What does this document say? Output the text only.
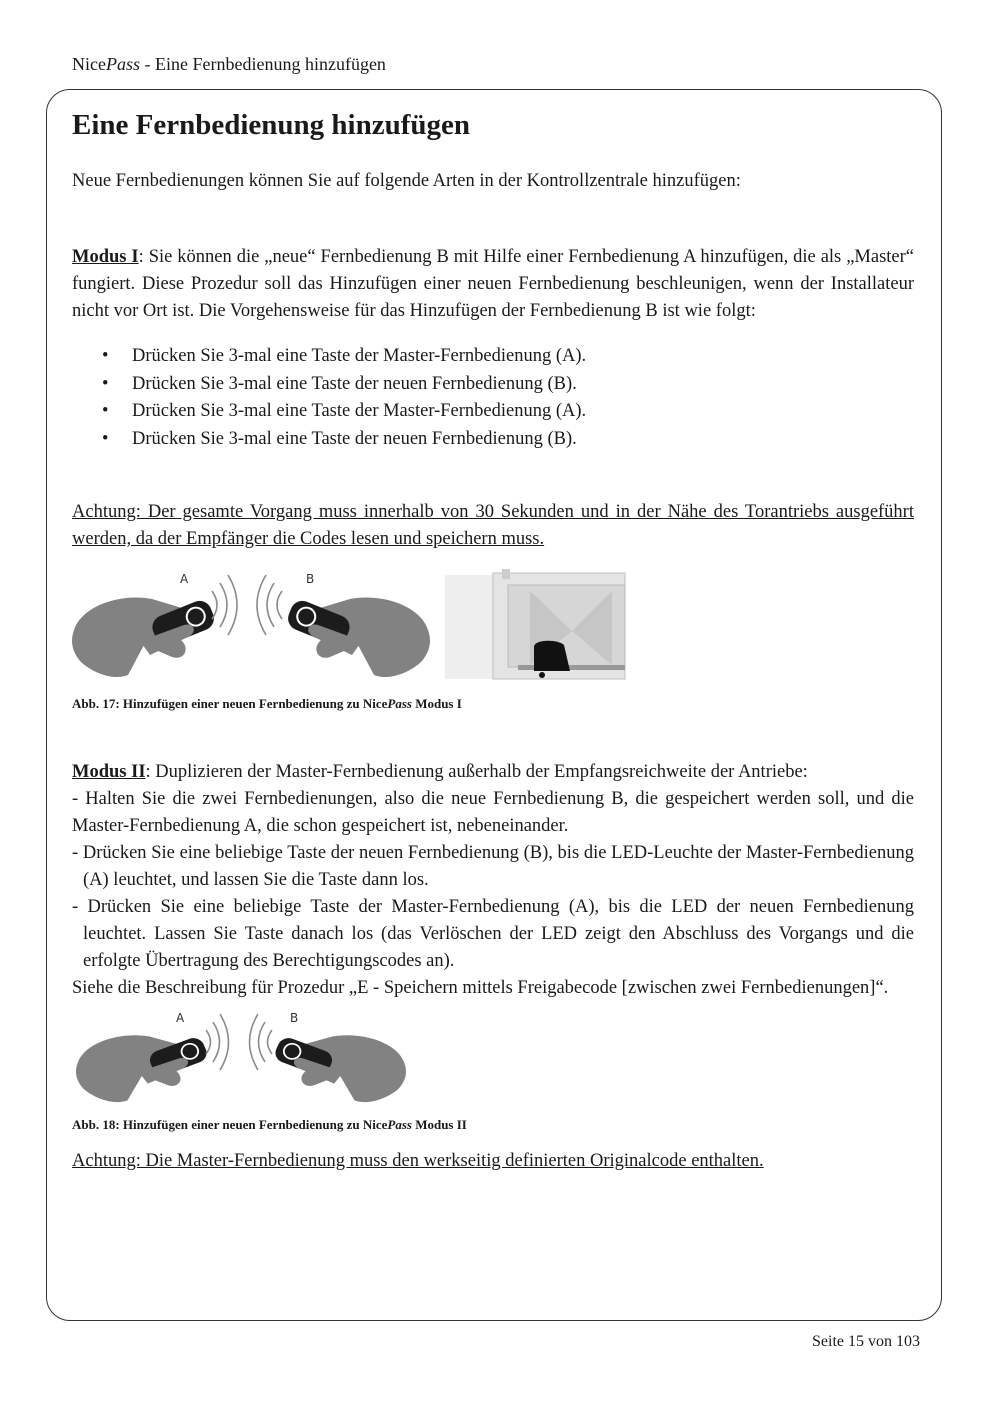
NicePass - Eine Fernbedienung hinzufügen
Eine Fernbedienung hinzufügen

Neue Fernbedienungen können Sie auf folgende Arten in der Kontrollzentrale hinzufügen:

Modus I: Sie können die „neue“ Fernbedienung B mit Hilfe einer Fernbedienung A hinzufügen, die als „Master“ fungiert. Diese Prozedur soll das Hinzufügen einer neuen Fernbedienung beschleunigen, wenn der Installateur nicht vor Ort ist. Die Vorgehensweise für das Hinzufügen der Fernbedienung B ist wie folgt:

• Drücken Sie 3-mal eine Taste der Master-Fernbedienung (A).
• Drücken Sie 3-mal eine Taste der neuen Fernbedienung (B).
• Drücken Sie 3-mal eine Taste der Master-Fernbedienung (A).
• Drücken Sie 3-mal eine Taste der neuen Fernbedienung (B).

Achtung: Der gesamte Vorgang muss innerhalb von 30 Sekunden und in der Nähe des Torantriebs ausgeführt werden, da der Empfänger die Codes lesen und speichern muss.

A	B

Abb. 17: Hinzufügen einer neuen Fernbedienung zu NicePass Modus I

Modus II: Duplizieren der Master-Fernbedienung außerhalb der Empfangsreichweite der Antriebe:

- Halten Sie die zwei Fernbedienungen, also die neue Fernbedienung B, die gespeichert werden soll, und die Master-Fernbedienung A, die schon gespeichert ist, nebeneinander.

- Drücken Sie eine beliebige Taste der neuen Fernbedienung (B), bis die LED-Leuchte der Master-Fernbedienung (A) leuchtet, und lassen Sie die Taste dann los.

- Drücken Sie eine beliebige Taste der Master-Fernbedienung (A), bis die LED der neuen Fernbedienung leuchtet. Lassen Sie Taste danach los (das Verlöschen der LED zeigt den Abschluss des Vorgangs und die erfolgte Übertragung des Berechtigungscodes an).

Siehe die Beschreibung für Prozedur „E - Speichern mittels Freigabecode [zwischen zwei Fernbedienungen]“.

A	B

Abb. 18: Hinzufügen einer neuen Fernbedienung zu NicePass Modus II

Achtung: Die Master-Fernbedienung muss den werkseitig definierten Originalcode enthalten.

Seite 15 von 103
